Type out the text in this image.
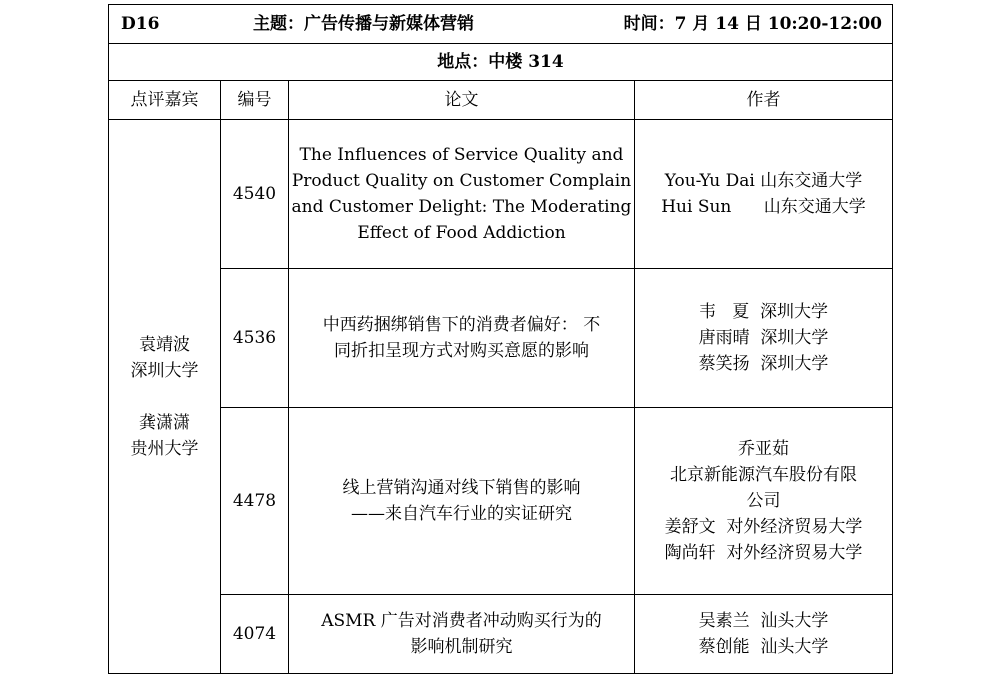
D16 主题：广告传播与新媒体营销 时间：7 月 14 日 10:20-12:00			

地点：中楼 314			
点评嘉宾	编号	论文	作者

袁靖波
深圳大学
龚潇潇
贵州大学	4540	The Influences of Service Quality and
Product Quality on Customer Complain
and Customer Delight: The Moderating
Effect of Food Addiction	You-Yu Dai 山东交通大学
Hui Sun      山东交通大学

	4536	中西药捆绑销售下的消费者偏好： 不
同折扣呈现方式对购买意愿的影响	韦   夏  深圳大学
唐雨晴  深圳大学
蔡笑扬  深圳大学

	4478	线上营销沟通对线下销售的影响
——来自汽车行业的实证研究	乔亚茹
北京新能源汽车股份有限
公司
姜舒文  对外经济贸易大学
陶尚轩  对外经济贸易大学

	4074	ASMR 广告对消费者冲动购买行为的
影响机制研究	吴素兰  汕头大学
蔡创能  汕头大学
